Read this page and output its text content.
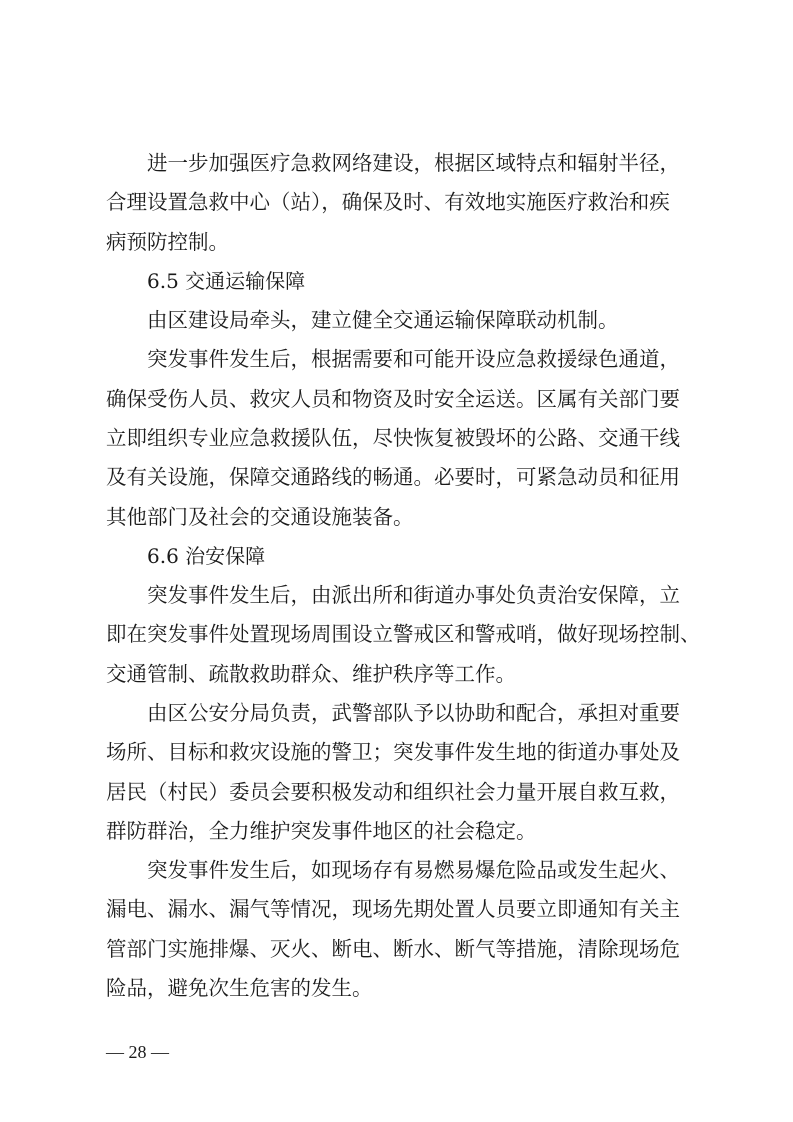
进一步加强医疗急救网络建设，根据区域特点和辐射半径，
合理设置急救中心（站），确保及时、有效地实施医疗救治和疾
病预防控制。
6.5 交通运输保障
由区建设局牵头，建立健全交通运输保障联动机制。
突发事件发生后，根据需要和可能开设应急救援绿色通道，
确保受伤人员、救灾人员和物资及时安全运送。区属有关部门要
立即组织专业应急救援队伍，尽快恢复被毁坏的公路、交通干线
及有关设施，保障交通路线的畅通。必要时，可紧急动员和征用
其他部门及社会的交通设施装备。
6.6 治安保障
突发事件发生后，由派出所和街道办事处负责治安保障，立
即在突发事件处置现场周围设立警戒区和警戒哨，做好现场控制、
交通管制、疏散救助群众、维护秩序等工作。
由区公安分局负责，武警部队予以协助和配合，承担对重要
场所、目标和救灾设施的警卫；突发事件发生地的街道办事处及
居民（村民）委员会要积极发动和组织社会力量开展自救互救，
群防群治，全力维护突发事件地区的社会稳定。
突发事件发生后，如现场存有易燃易爆危险品或发生起火、
漏电、漏水、漏气等情况，现场先期处置人员要立即通知有关主
管部门实施排爆、灭火、断电、断水、断气等措施，清除现场危
— 28 —
险品，避免次生危害的发生。
